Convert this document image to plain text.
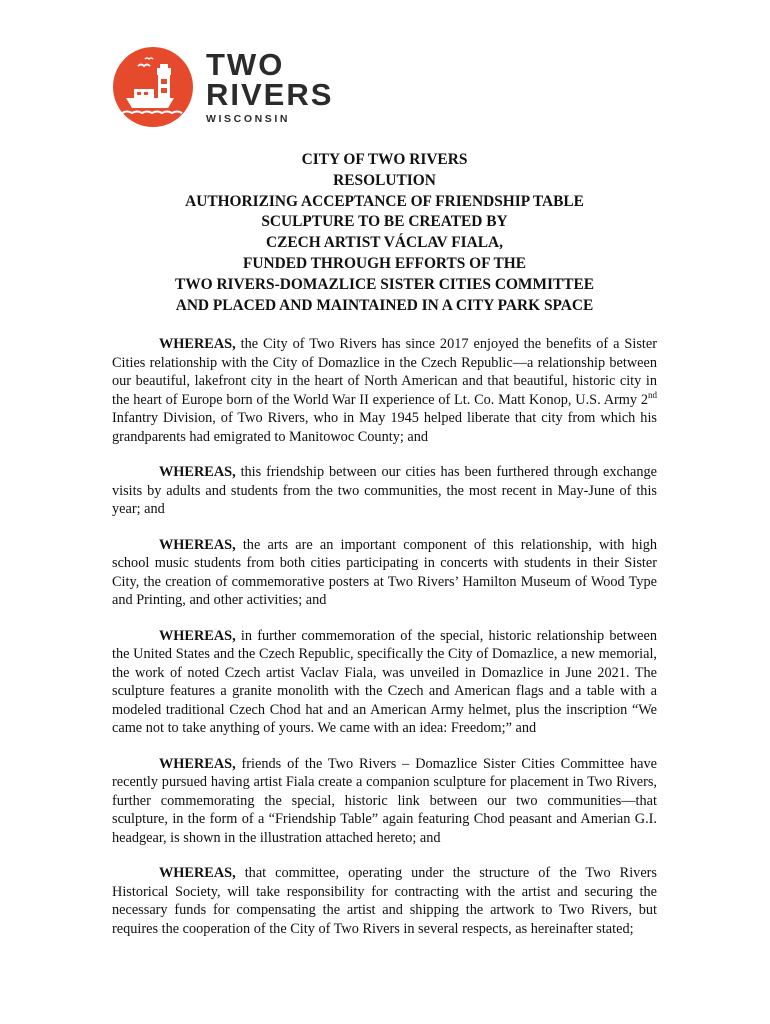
TWO
RIVERS
WISCONSIN
CITY OF TWO RIVERS
RESOLUTION
AUTHORIZING ACCEPTANCE OF FRIENDSHIP TABLE
SCULPTURE TO BE CREATED BY
CZECH ARTIST VÁCLAV FIALA,
FUNDED THROUGH EFFORTS OF THE
TWO RIVERS-DOMAZLICE SISTER CITIES COMMITTEE
AND PLACED AND MAINTAINED IN A CITY PARK SPACE

WHEREAS, the City of Two Rivers has since 2017 enjoyed the benefits of a Sister Cities relationship with the City of Domazlice in the Czech Republic—a relationship between our beautiful, lakefront city in the heart of North American and that beautiful, historic city in the heart of Europe born of the World War II experience of Lt. Co. Matt Konop, U.S. Army 2nd Infantry Division, of Two Rivers, who in May 1945 helped liberate that city from which his grandparents had emigrated to Manitowoc County; and

WHEREAS, this friendship between our cities has been furthered through exchange visits by adults and students from the two communities, the most recent in May-June of this year; and

WHEREAS, the arts are an important component of this relationship, with high school music students from both cities participating in concerts with students in their Sister City, the creation of commemorative posters at Two Rivers’ Hamilton Museum of Wood Type and Printing, and other activities; and

WHEREAS, in further commemoration of the special, historic relationship between the United States and the Czech Republic, specifically the City of Domazlice, a new memorial, the work of noted Czech artist Vaclav Fiala, was unveiled in Domazlice in June 2021. The sculpture features a granite monolith with the Czech and American flags and a table with a modeled traditional Czech Chod hat and an American Army helmet, plus the inscription “We came not to take anything of yours. We came with an idea: Freedom;” and

WHEREAS, friends of the Two Rivers – Domazlice Sister Cities Committee have recently pursued having artist Fiala create a companion sculpture for placement in Two Rivers, further commemorating the special, historic link between our two communities—that sculpture, in the form of a “Friendship Table” again featuring Chod peasant and Amerian G.I. headgear, is shown in the illustration attached hereto; and

WHEREAS, that committee, operating under the structure of the Two Rivers Historical Society, will take responsibility for contracting with the artist and securing the necessary funds for compensating the artist and shipping the artwork to Two Rivers, but requires the cooperation of the City of Two Rivers in several respects, as hereinafter stated;
